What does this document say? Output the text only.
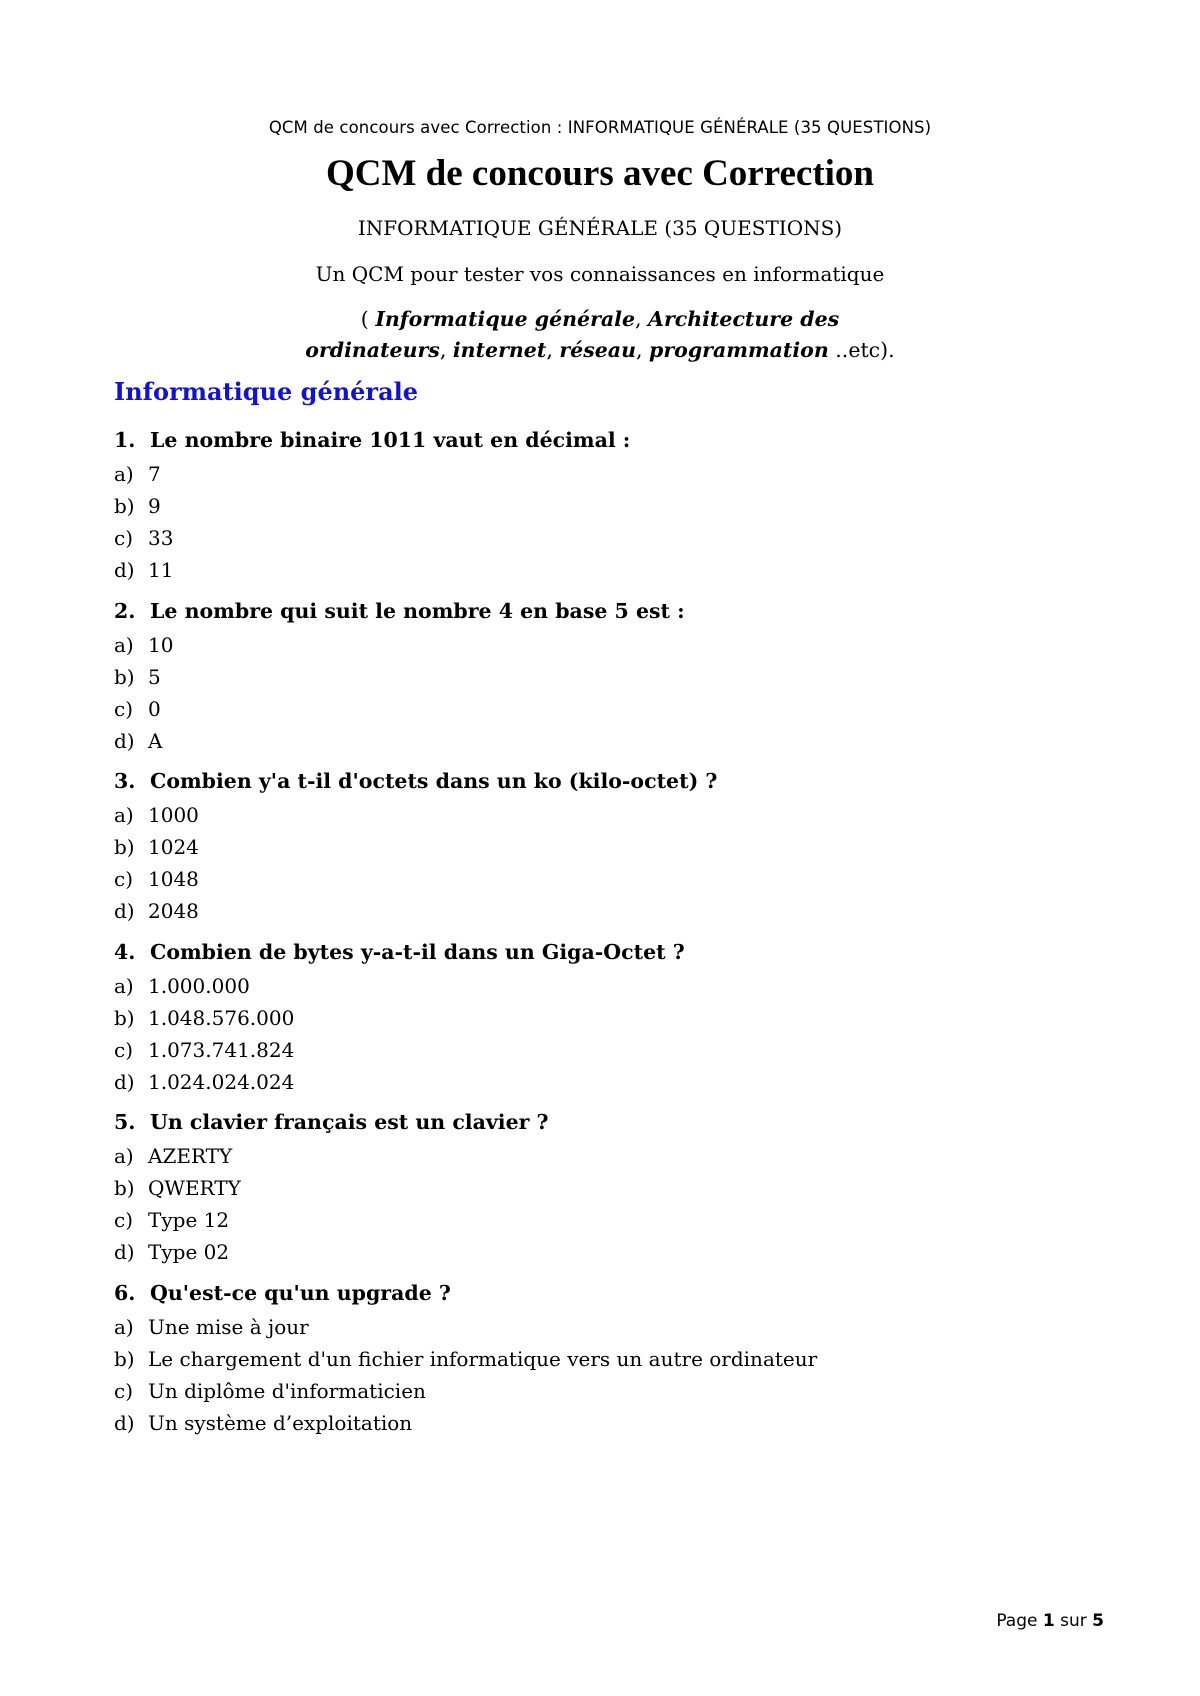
QCM de concours avec Correction : INFORMATIQUE GÉNÉRALE (35 QUESTIONS)
QCM de concours avec Correction
INFORMATIQUE GÉNÉRALE (35 QUESTIONS)
Un QCM pour tester vos connaissances en informatique
( Informatique générale, Architecture des
ordinateurs, internet, réseau, programmation ..etc).
Informatique générale
1. Le nombre binaire 1011 vaut en décimal :
a) 7
b) 9
c) 33
d) 11
2. Le nombre qui suit le nombre 4 en base 5 est :
a) 10
b) 5
c) 0
d) A
3. Combien y'a t-il d'octets dans un ko (kilo-octet) ?
a) 1000
b) 1024
c) 1048
d) 2048
4. Combien de bytes y-a-t-il dans un Giga-Octet ?
a) 1.000.000
b) 1.048.576.000
c) 1.073.741.824
d) 1.024.024.024
5. Un clavier français est un clavier ?
a) AZERTY
b) QWERTY
c) Type 12
d) Type 02
6. Qu'est-ce qu'un upgrade ?
a) Une mise à jour
b) Le chargement d'un fichier informatique vers un autre ordinateur
c) Un diplôme d'informaticien
d) Un système d’exploitation
Page 1 sur 5
